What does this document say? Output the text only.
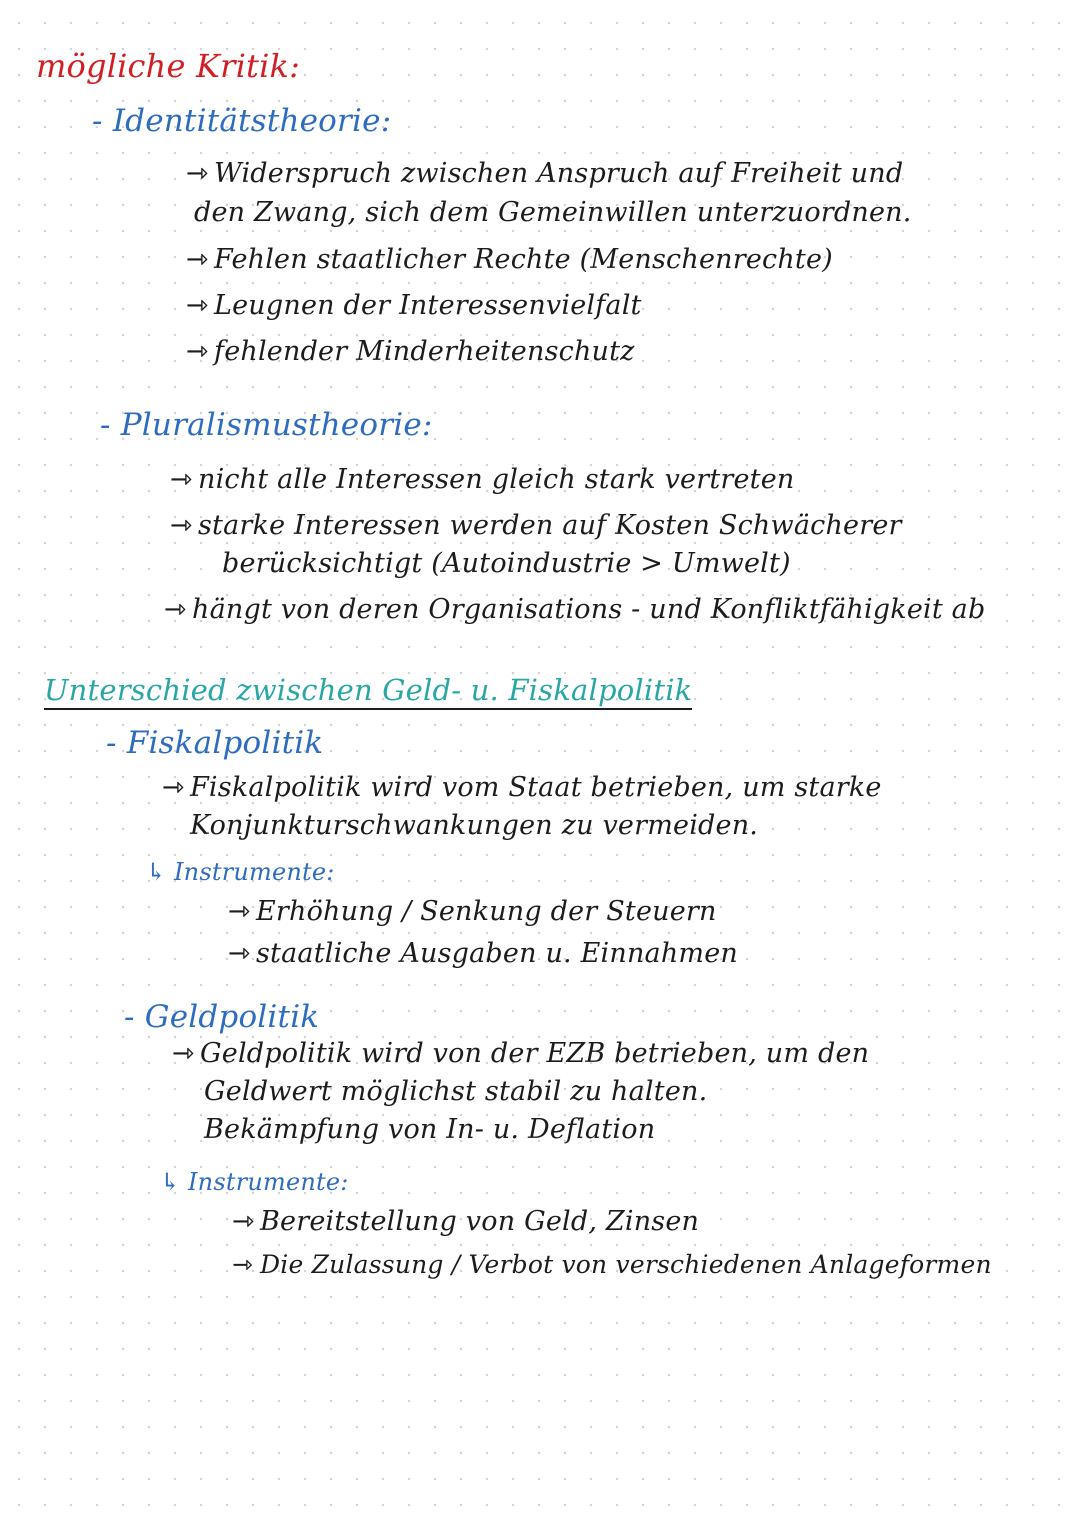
mögliche Kritik:
- Identitätstheorie:
⇾ Widerspruch zwischen Anspruch auf Freiheit und
den Zwang, sich dem Gemeinwillen unterzuordnen.
⇾ Fehlen staatlicher Rechte (Menschenrechte)
⇾ Leugnen der Interessenvielfalt
⇾ fehlender Minderheitenschutz
- Pluralismustheorie:
⇾ nicht alle Interessen gleich stark vertreten
⇾ starke Interessen werden auf Kosten Schwächerer
berücksichtigt (Autoindustrie > Umwelt)
⇾ hängt von deren Organisations - und Konfliktfähigkeit ab
Unterschied zwischen Geld- u. Fiskalpolitik
- Fiskalpolitik
⇾ Fiskalpolitik wird vom Staat betrieben, um starke
Konjunkturschwankungen zu vermeiden.
↳ Instrumente:
⇾ Erhöhung / Senkung der Steuern
⇾ staatliche Ausgaben u. Einnahmen
- Geldpolitik
⇾ Geldpolitik wird von der EZB betrieben, um den
Geldwert möglichst stabil zu halten.
Bekämpfung von In- u. Deflation
↳ Instrumente:
⇾ Bereitstellung von Geld, Zinsen
⇾ Die Zulassung / Verbot von verschiedenen Anlageformen
